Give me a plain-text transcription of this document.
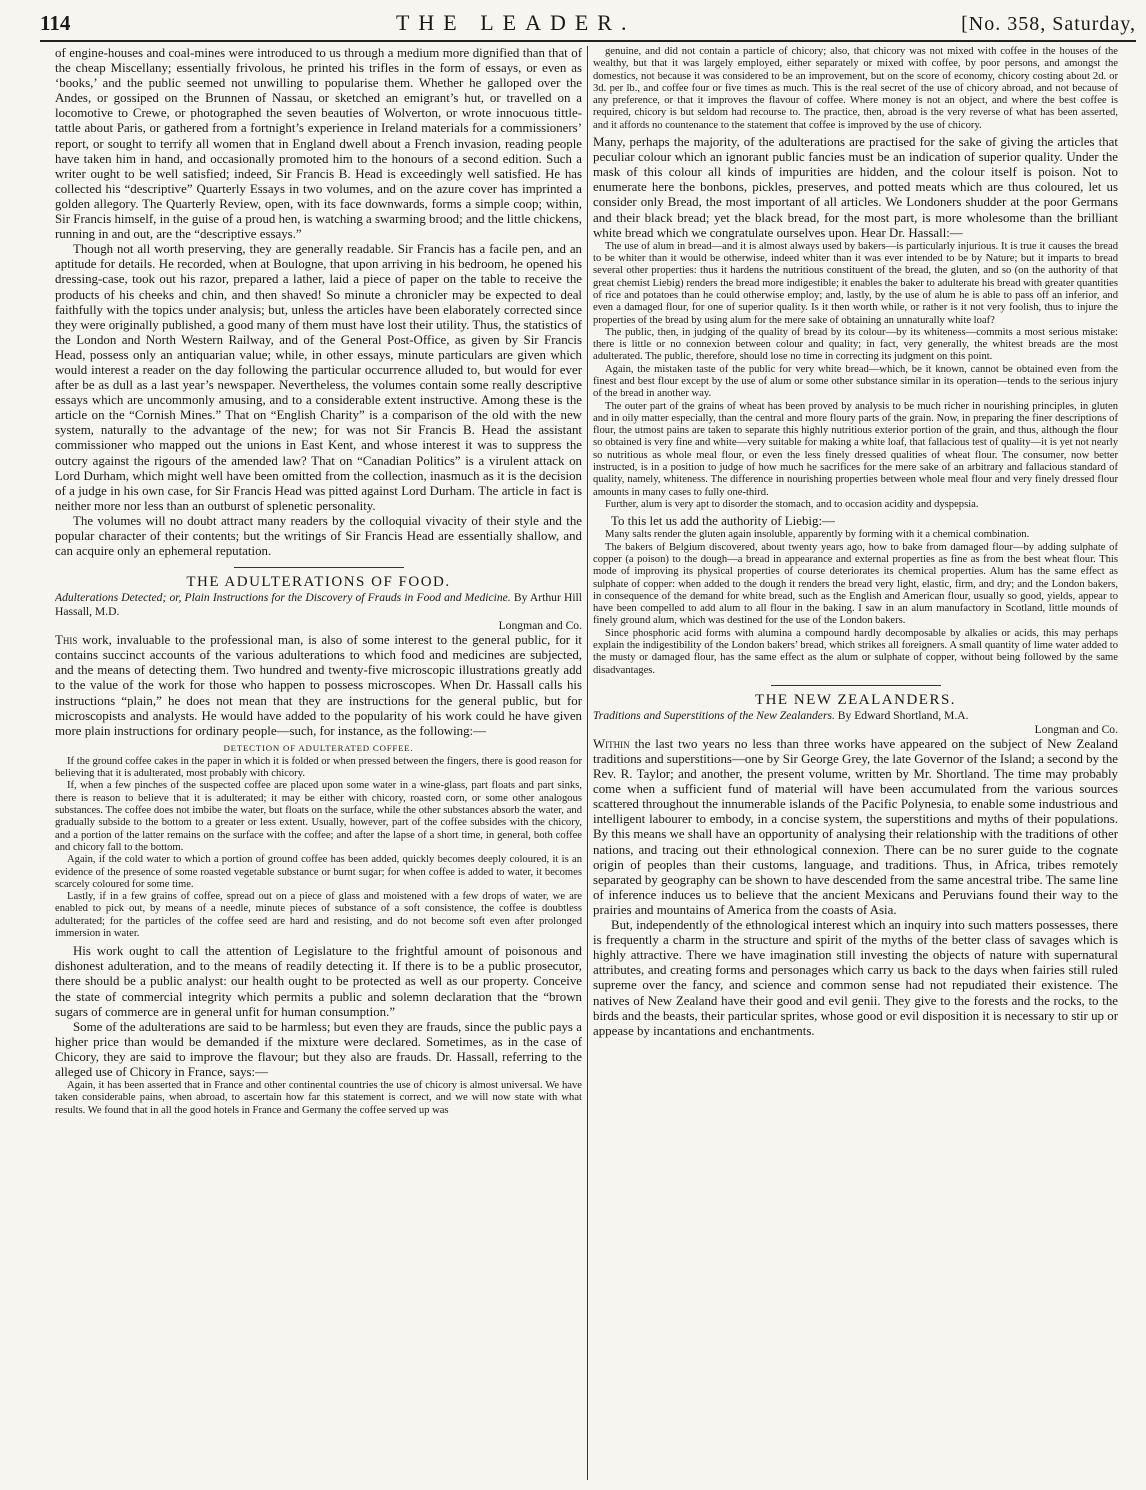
114	THE LEADER.	[No. 358, Saturday,

of engine-houses and coal-mines were introduced to us through a medium more dignified than that of the cheap Miscellany; essentially frivolous, he printed his trifles in the form of essays, or even as ‘books,’ and the public seemed not unwilling to popularise them. Whether he galloped over the Andes, or gossiped on the Brunnen of Nassau, or sketched an emigrant’s hut, or travelled on a locomotive to Crewe, or photographed the seven beauties of Wolverton, or wrote innocuous tittle-tattle about Paris, or gathered from a fortnight’s experience in Ireland materials for a commissioners’ report, or sought to terrify all women that in England dwell about a French invasion, reading people have taken him in hand, and occasionally promoted him to the honours of a second edition. Such a writer ought to be well satisfied; indeed, Sir Francis B. Head is exceedingly well satisfied. He has collected his “descriptive” Quarterly Essays in two volumes, and on the azure cover has imprinted a golden allegory. The Quarterly Review, open, with its face downwards, forms a simple coop; within, Sir Francis himself, in the guise of a proud hen, is watching a swarming brood; and the little chickens, running in and out, are the “descriptive essays.”

Though not all worth preserving, they are generally readable. Sir Francis has a facile pen, and an aptitude for details. He recorded, when at Boulogne, that upon arriving in his bedroom, he opened his dressing-case, took out his razor, prepared a lather, laid a piece of paper on the table to receive the products of his cheeks and chin, and then shaved! So minute a chronicler may be expected to deal faithfully with the topics under analysis; but, unless the articles have been elaborately corrected since they were originally published, a good many of them must have lost their utility. Thus, the statistics of the London and North Western Railway, and of the General Post-Office, as given by Sir Francis Head, possess only an antiquarian value; while, in other essays, minute particulars are given which would interest a reader on the day following the particular occurrence alluded to, but would for ever after be as dull as a last year’s newspaper. Nevertheless, the volumes contain some really descriptive essays which are uncommonly amusing, and to a considerable extent instructive. Among these is the article on the “Cornish Mines.” That on “English Charity” is a comparison of the old with the new system, naturally to the advantage of the new; for was not Sir Francis B. Head the assistant commissioner who mapped out the unions in East Kent, and whose interest it was to suppress the outcry against the rigours of the amended law? That on “Canadian Politics” is a virulent attack on Lord Durham, which might well have been omitted from the collection, inasmuch as it is the decision of a judge in his own case, for Sir Francis Head was pitted against Lord Durham. The article in fact is neither more nor less than an outburst of splenetic personality.

The volumes will no doubt attract many readers by the colloquial vivacity of their style and the popular character of their contents; but the writings of Sir Francis Head are essentially shallow, and can acquire only an ephemeral reputation.

THE ADULTERATIONS OF FOOD.
Adulterations Detected; or, Plain Instructions for the Discovery of Frauds in Food and Medicine. By Arthur Hill Hassall, M.D.
Longman and Co.

This work, invaluable to the professional man, is also of some interest to the general public, for it contains succinct accounts of the various adulterations to which food and medicines are subjected, and the means of detecting them. Two hundred and twenty-five microscopic illustrations greatly add to the value of the work for those who happen to possess microscopes. When Dr. Hassall calls his instructions “plain,” he does not mean that they are instructions for the general public, but for microscopists and analysts. He would have added to the popularity of his work could he have given more plain instructions for ordinary people—such, for instance, as the following:—

DETECTION OF ADULTERATED COFFEE.

If the ground coffee cakes in the paper in which it is folded or when pressed between the fingers, there is good reason for believing that it is adulterated, most probably with chicory.

If, when a few pinches of the suspected coffee are placed upon some water in a wine-glass, part floats and part sinks, there is reason to believe that it is adulterated; it may be either with chicory, roasted corn, or some other analogous substances. The coffee does not imbibe the water, but floats on the surface, while the other substances absorb the water, and gradually subside to the bottom to a greater or less extent. Usually, however, part of the coffee subsides with the chicory, and a portion of the latter remains on the surface with the coffee; and after the lapse of a short time, in general, both coffee and chicory fall to the bottom.

Again, if the cold water to which a portion of ground coffee has been added, quickly becomes deeply coloured, it is an evidence of the presence of some roasted vegetable substance or burnt sugar; for when coffee is added to water, it becomes scarcely coloured for some time.

Lastly, if in a few grains of coffee, spread out on a piece of glass and moistened with a few drops of water, we are enabled to pick out, by means of a needle, minute pieces of substance of a soft consistence, the coffee is doubtless adulterated; for the particles of the coffee seed are hard and resisting, and do not become soft even after prolonged immersion in water.

His work ought to call the attention of Legislature to the frightful amount of poisonous and dishonest adulteration, and to the means of readily detecting it. If there is to be a public prosecutor, there should be a public analyst: our health ought to be protected as well as our property. Conceive the state of commercial integrity which permits a public and solemn declaration that the “brown sugars of commerce are in general unfit for human consumption.”

Some of the adulterations are said to be harmless; but even they are frauds, since the public pays a higher price than would be demanded if the mixture were declared. Sometimes, as in the case of Chicory, they are said to improve the flavour; but they also are frauds. Dr. Hassall, referring to the alleged use of Chicory in France, says:—

Again, it has been asserted that in France and other continental countries the use of chicory is almost universal. We have taken considerable pains, when abroad, to ascertain how far this statement is correct, and we will now state with what results. We found that in all the good hotels in France and Germany the coffee served up was

genuine, and did not contain a particle of chicory; also, that chicory was not mixed with coffee in the houses of the wealthy, but that it was largely employed, either separately or mixed with coffee, by poor persons, and amongst the domestics, not because it was considered to be an improvement, but on the score of economy, chicory costing about 2d. or 3d. per lb., and coffee four or five times as much. This is the real secret of the use of chicory abroad, and not because of any preference, or that it improves the flavour of coffee. Where money is not an object, and where the best coffee is required, chicory is but seldom had recourse to. The practice, then, abroad is the very reverse of what has been asserted, and it affords no countenance to the statement that coffee is improved by the use of chicory.

Many, perhaps the majority, of the adulterations are practised for the sake of giving the articles that peculiar colour which an ignorant public fancies must be an indication of superior quality. Under the mask of this colour all kinds of impurities are hidden, and the colour itself is poison. Not to enumerate here the bonbons, pickles, preserves, and potted meats which are thus coloured, let us consider only Bread, the most important of all articles. We Londoners shudder at the poor Germans and their black bread; yet the black bread, for the most part, is more wholesome than the brilliant white bread which we congratulate ourselves upon. Hear Dr. Hassall:—

The use of alum in bread—and it is almost always used by bakers—is particularly injurious. It is true it causes the bread to be whiter than it would be otherwise, indeed whiter than it was ever intended to be by Nature; but it imparts to bread several other properties: thus it hardens the nutritious constituent of the bread, the gluten, and so (on the authority of that great chemist Liebig) renders the bread more indigestible; it enables the baker to adulterate his bread with greater quantities of rice and potatoes than he could otherwise employ; and, lastly, by the use of alum he is able to pass off an inferior, and even a damaged flour, for one of superior quality. Is it then worth while, or rather is it not very foolish, thus to injure the properties of the bread by using alum for the mere sake of obtaining an unnaturally white loaf?

The public, then, in judging of the quality of bread by its colour—by its whiteness—commits a most serious mistake: there is little or no connexion between colour and quality; in fact, very generally, the whitest breads are the most adulterated. The public, therefore, should lose no time in correcting its judgment on this point.

Again, the mistaken taste of the public for very white bread—which, be it known, cannot be obtained even from the finest and best flour except by the use of alum or some other substance similar in its operation—tends to the serious injury of the bread in another way.

The outer part of the grains of wheat has been proved by analysis to be much richer in nourishing principles, in gluten and in oily matter especially, than the central and more floury parts of the grain. Now, in preparing the finer descriptions of flour, the utmost pains are taken to separate this highly nutritious exterior portion of the grain, and thus, although the flour so obtained is very fine and white—very suitable for making a white loaf, that fallacious test of quality—it is yet not nearly so nutritious as whole meal flour, or even the less finely dressed qualities of wheat flour. The consumer, now better instructed, is in a position to judge of how much he sacrifices for the mere sake of an arbitrary and fallacious standard of quality, namely, whiteness. The difference in nourishing properties between whole meal flour and very finely dressed flour amounts in many cases to fully one-third.

Further, alum is very apt to disorder the stomach, and to occasion acidity and dyspepsia.

To this let us add the authority of Liebig:—

Many salts render the gluten again insoluble, apparently by forming with it a chemical combination.

The bakers of Belgium discovered, about twenty years ago, how to bake from damaged flour—by adding sulphate of copper (a poison) to the dough—a bread in appearance and external properties as fine as from the best wheat flour. This mode of improving its physical properties of course deteriorates its chemical properties. Alum has the same effect as sulphate of copper: when added to the dough it renders the bread very light, elastic, firm, and dry; and the London bakers, in consequence of the demand for white bread, such as the English and American flour, usually so good, yields, appear to have been compelled to add alum to all flour in the baking. I saw in an alum manufactory in Scotland, little mounds of finely ground alum, which was destined for the use of the London bakers.

Since phosphoric acid forms with alumina a compound hardly decomposable by alkalies or acids, this may perhaps explain the indigestibility of the London bakers’ bread, which strikes all foreigners. A small quantity of lime water added to the musty or damaged flour, has the same effect as the alum or sulphate of copper, without being followed by the same disadvantages.

THE NEW ZEALANDERS.
Traditions and Superstitions of the New Zealanders. By Edward Shortland, M.A.
Longman and Co.

Within the last two years no less than three works have appeared on the subject of New Zealand traditions and superstitions—one by Sir George Grey, the late Governor of the Island; a second by the Rev. R. Taylor; and another, the present volume, written by Mr. Shortland. The time may probably come when a sufficient fund of material will have been accumulated from the various sources scattered throughout the innumerable islands of the Pacific Polynesia, to enable some industrious and intelligent labourer to embody, in a concise system, the superstitions and myths of their populations. By this means we shall have an opportunity of analysing their relationship with the traditions of other nations, and tracing out their ethnological connexion. There can be no surer guide to the cognate origin of peoples than their customs, language, and traditions. Thus, in Africa, tribes remotely separated by geography can be shown to have descended from the same ancestral tribe. The same line of inference induces us to believe that the ancient Mexicans and Peruvians found their way to the prairies and mountains of America from the coasts of Asia.

But, independently of the ethnological interest which an inquiry into such matters possesses, there is frequently a charm in the structure and spirit of the myths of the better class of savages which is highly attractive. There we have imagination still investing the objects of nature with supernatural attributes, and creating forms and personages which carry us back to the days when fairies still ruled supreme over the fancy, and science and common sense had not repudiated their existence. The natives of New Zealand have their good and evil genii. They give to the forests and the rocks, to the birds and the beasts, their particular sprites, whose good or evil disposition it is necessary to stir up or appease by incantations and enchantments.
